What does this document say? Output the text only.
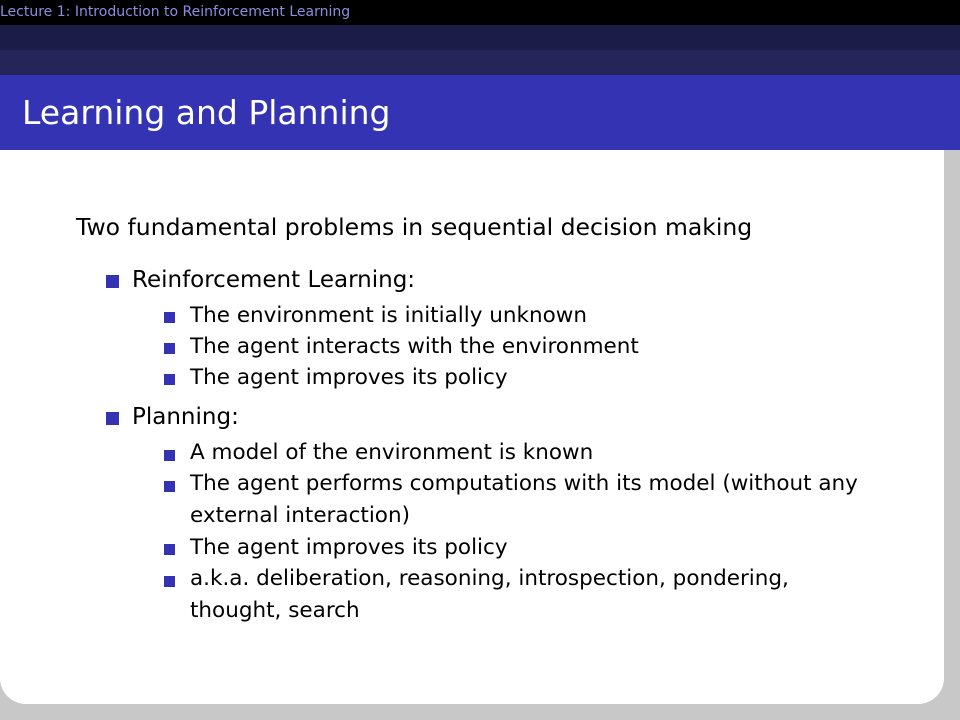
Lecture 1: Introduction to Reinforcement Learning
Learning and Planning
Two fundamental problems in sequential decision making
Reinforcement Learning:
The environment is initially unknown
The agent interacts with the environment
The agent improves its policy
Planning:
A model of the environment is known
The agent performs computations with its model (without any
external interaction)
The agent improves its policy
a.k.a. deliberation, reasoning, introspection, pondering,
thought, search
